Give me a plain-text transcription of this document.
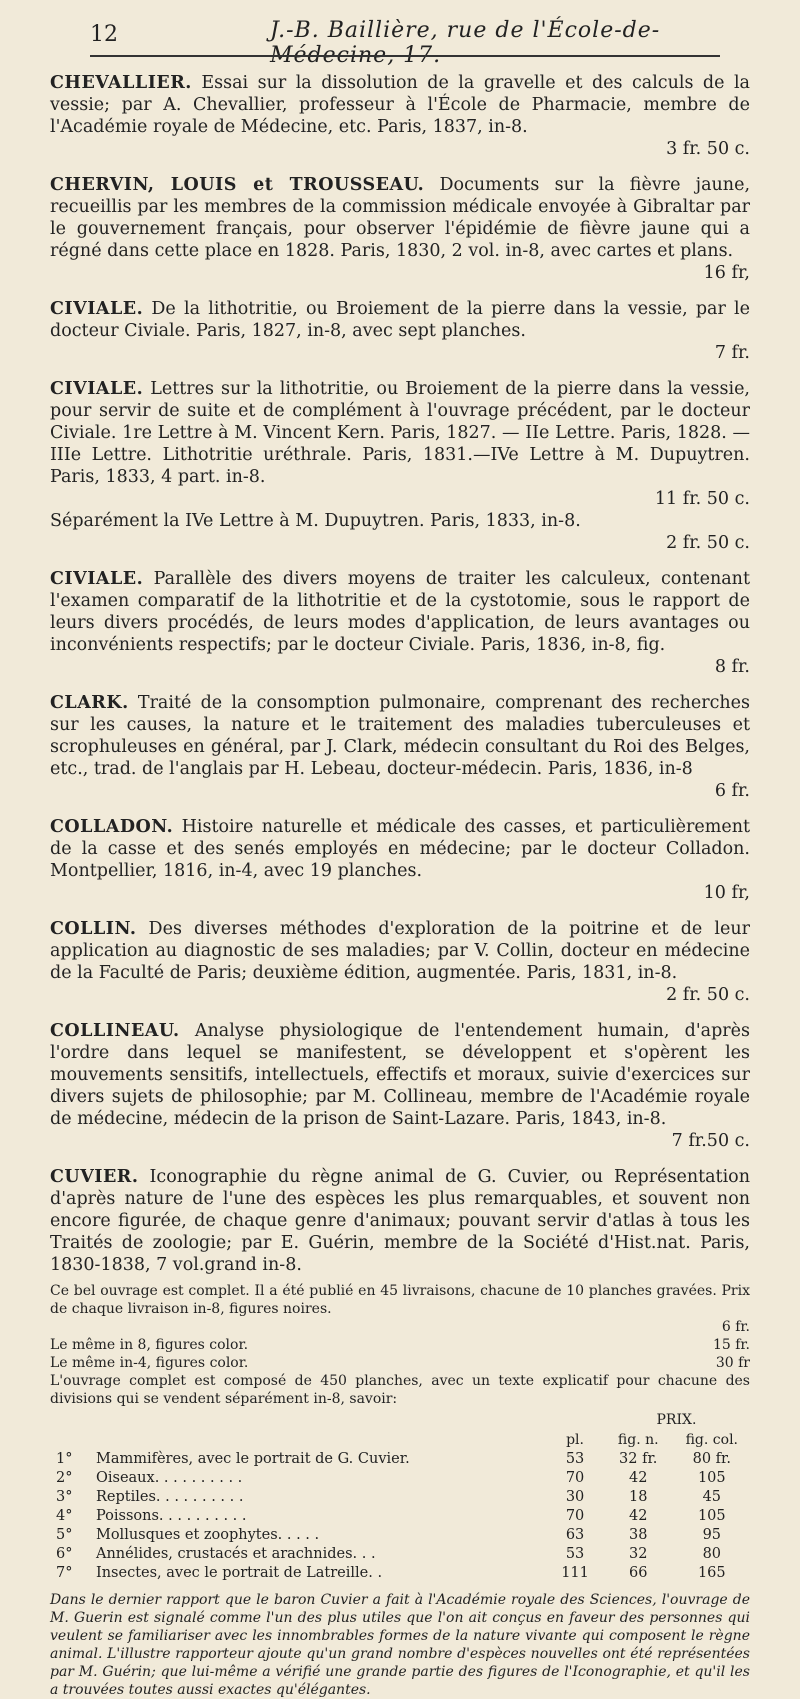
12	J.-B. Baillière, rue de l'École-de-Médecine, 17.
CHEVALLIER. Essai sur la dissolution de la gravelle et des calculs de la vessie; par A. Chevallier, professeur à l'École de Pharmacie, membre de l'Académie royale de Médecine, etc. Paris, 1837, in-8.
3 fr. 50 c.
CHERVIN, LOUIS et TROUSSEAU. Documents sur la fièvre jaune, recueillis par les membres de la commission médicale envoyée à Gibraltar par le gouvernement français, pour observer l'épidémie de fièvre jaune qui a régné dans cette place en 1828. Paris, 1830, 2 vol. in-8, avec cartes et plans.
16 fr,
CIVIALE. De la lithotritie, ou Broiement de la pierre dans la vessie, par le docteur Civiale. Paris, 1827, in-8, avec sept planches.
7 fr.
CIVIALE. Lettres sur la lithotritie, ou Broiement de la pierre dans la vessie, pour servir de suite et de complément à l'ouvrage précédent, par le docteur Civiale. 1re Lettre à M. Vincent Kern. Paris, 1827. — IIe Lettre. Paris, 1828. — IIIe Lettre. Lithotritie uréthrale. Paris, 1831.—IVe Lettre à M. Dupuytren. Paris, 1833, 4 part. in-8.
11 fr. 50 c.
Séparément la IVe Lettre à M. Dupuytren. Paris, 1833, in-8.
2 fr. 50 c.
CIVIALE. Parallèle des divers moyens de traiter les calculeux, contenant l'examen comparatif de la lithotritie et de la cystotomie, sous le rapport de leurs divers procédés, de leurs modes d'application, de leurs avantages ou inconvénients respectifs; par le docteur Civiale. Paris, 1836, in-8, fig.
8 fr.
CLARK. Traité de la consomption pulmonaire, comprenant des recherches sur les causes, la nature et le traitement des maladies tuberculeuses et scrophuleuses en général, par J. Clark, médecin consultant du Roi des Belges, etc., trad. de l'anglais par H. Lebeau, docteur-médecin. Paris, 1836, in-8
6 fr.
COLLADON. Histoire naturelle et médicale des casses, et particulièrement de la casse et des senés employés en médecine; par le docteur Colladon. Montpellier, 1816, in-4, avec 19 planches.
10 fr,
COLLIN. Des diverses méthodes d'exploration de la poitrine et de leur application au diagnostic de ses maladies; par V. Collin, docteur en médecine de la Faculté de Paris; deuxième édition, augmentée. Paris, 1831, in-8.
2 fr. 50 c.
COLLINEAU. Analyse physiologique de l'entendement humain, d'après l'ordre dans lequel se manifestent, se développent et s'opèrent les mouvements sensitifs, intellectuels, effectifs et moraux, suivie d'exercices sur divers sujets de philosophie; par M. Collineau, membre de l'Académie royale de médecine, médecin de la prison de Saint-Lazare. Paris, 1843, in-8.
7 fr.50 c.
CUVIER. Iconographie du règne animal de G. Cuvier, ou Représentation d'après nature de l'une des espèces les plus remarquables, et souvent non encore figurée, de chaque genre d'animaux; pouvant servir d'atlas à tous les Traités de zoologie; par E. Guérin, membre de la Société d'Hist.nat. Paris, 1830-1838, 7 vol.grand in-8.
Ce bel ouvrage est complet. Il a été publié en 45 livraisons, chacune de 10 planches gravées. Prix de chaque livraison in-8, figures noires.
6 fr.
Le même in 8, figures color.	15 fr.
Le même in-4, figures color.	30 fr
L'ouvrage complet est composé de 450 planches, avec un texte explicatif pour chacune des divisions qui se vendent séparément in-8, savoir:
			PRIX.	
		pl.	fig. n.	fig. col.
1°	Mammifères, avec le portrait de G. Cuvier.	53	32 fr.	80 fr.
2°	Oiseaux. . . . . . . . . .	70	42	105
3°	Reptiles. . . . . . . . . .	30	18	45
4°	Poissons. . . . . . . . . .	70	42	105
5°	Mollusques et zoophytes. . . . .	63	38	95
6°	Annélides, crustacés et arachnides. . .	53	32	80
7°	Insectes, avec le portrait de Latreille. .	111	66	165
Dans le dernier rapport que le baron Cuvier a fait à l'Académie royale des Sciences, l'ouvrage de M. Guerin est signalé comme l'un des plus utiles que l'on ait conçus en faveur des personnes qui veulent se familiariser avec les innombrables formes de la nature vivante qui composent le règne animal. L'illustre rapporteur ajoute qu'un grand nombre d'espèces nouvelles ont été représentées par M. Guérin; que lui-même a vérifié une grande partie des figures de l'Iconographie, et qu'il les a trouvées toutes aussi exactes qu'élégantes.
